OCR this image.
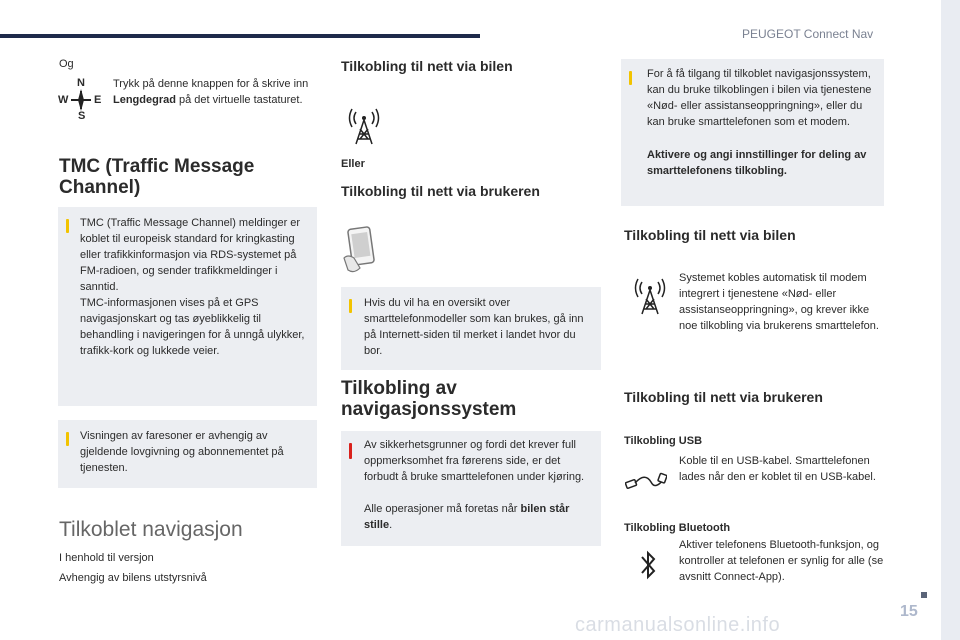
PEUGEOT Connect Nav
15
carmanualsonline.info
Og
N
S
W E

Trykk på denne knappen for å skrive inn Lengdegrad på det virtuelle tastaturet.

TMC (Traffic Message Channel)

TMC (Traffic Message Channel) meldinger er koblet til europeisk standard for kringkasting eller trafikkinformasjon via RDS-systemet på FM-radioen, og sender trafikkmeldinger i sanntid.

TMC-informasjonen vises på et GPS navigasjonskart og tas øyeblikkelig til behandling i navigeringen for å unngå ulykker, trafikk-kork og lukkede veier.

Visningen av faresoner er avhengig av gjeldende lovgivning og abonnementet på tjenesten.

Tilkoblet navigasjon

I henhold til versjon

Avhengig av bilens utstyrsnivå

Tilkobling til nett via bilen

Eller

Tilkobling til nett via brukeren

Hvis du vil ha en oversikt over smarttelefonmodeller som kan brukes, gå inn på Internett-siden til merket i landet hvor du bor.

Tilkobling av navigasjonssystem

Av sikkerhetsgrunner og fordi det krever full oppmerksomhet fra førerens side, er det forbudt å bruke smarttelefonen under kjøring.

Alle operasjoner må foretas når bilen står stille.

For å få tilgang til tilkoblet navigasjonssystem, kan du bruke tilkoblingen i bilen via tjenestene «Nød- eller assistanseoppringning», eller du kan bruke smarttelefonen som et modem.

Aktivere og angi innstillinger for deling av smarttelefonens tilkobling.

Tilkobling til nett via bilen

Systemet kobles automatisk til modem integrert i tjenestene «Nød- eller assistanseoppringning», og krever ikke noe tilkobling via brukerens smarttelefon.

Tilkobling til nett via brukeren

Tilkobling USB

Koble til en USB-kabel. Smarttelefonen lades når den er koblet til en USB-kabel.

Tilkobling Bluetooth

Aktiver telefonens Bluetooth-funksjon, og kontroller at telefonen er synlig for alle (se avsnitt Connect-App).
